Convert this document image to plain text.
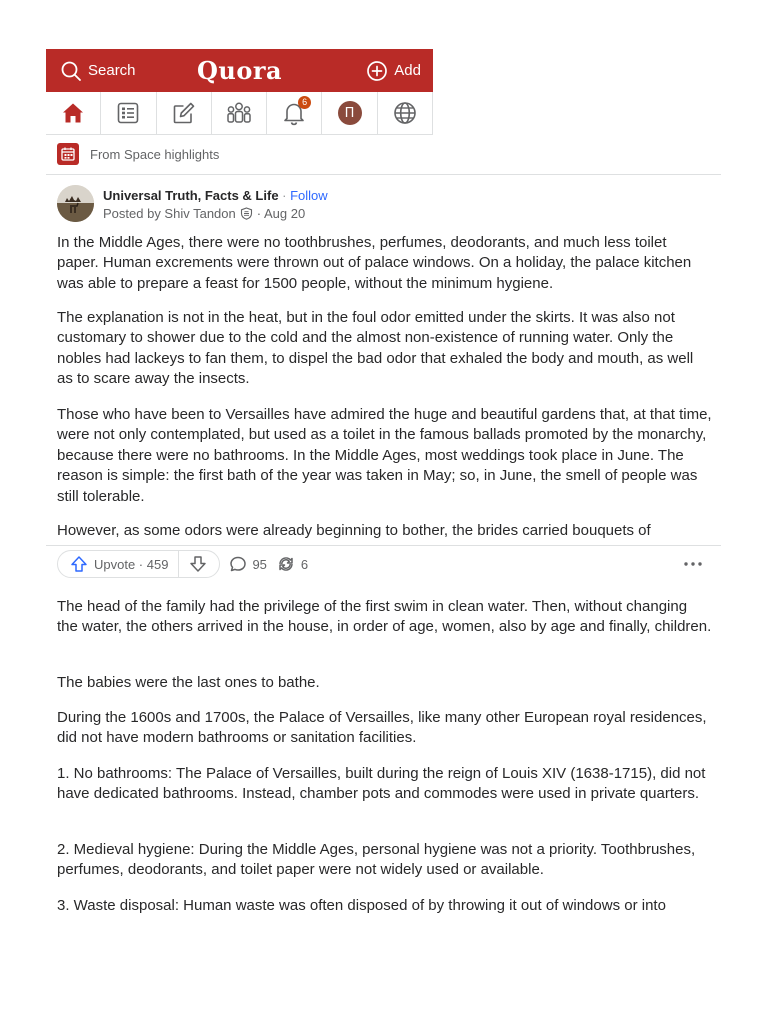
Search	Quora	Add
6
П
From Space highlights
Universal Truth, Facts & Life · Follow
Posted by Shiv Tandon · Aug 20

In the Middle Ages, there were no toothbrushes, perfumes, deodorants, and much less toilet paper. Human excrements were thrown out of palace windows. On a holiday, the palace kitchen was able to prepare a feast for 1500 people, without the minimum hygiene.

The explanation is not in the heat, but in the foul odor emitted under the skirts. It was also not customary to shower due to the cold and the almost non-existence of running water. Only the nobles had lackeys to fan them, to dispel the bad odor that exhaled the body and mouth, as well as to scare away the insects.

Those who have been to Versailles have admired the huge and beautiful gardens that, at that time, were not only contemplated, but used as a toilet in the famous ballads promoted by the monarchy, because there were no bathrooms. In the Middle Ages, most weddings took place in June. The reason is simple: the first bath of the year was taken in May; so, in June, the smell of people was still tolerable.

However, as some odors were already beginning to bother, the brides carried bouquets of

Upvote · 459	95	6

The head of the family had the privilege of the first swim in clean water. Then, without changing the water, the others arrived in the house, in order of age, women, also by age and finally, children.

The babies were the last ones to bathe.

During the 1600s and 1700s, the Palace of Versailles, like many other European royal residences, did not have modern bathrooms or sanitation facilities.

1. No bathrooms: The Palace of Versailles, built during the reign of Louis XIV (1638-1715), did not have dedicated bathrooms. Instead, chamber pots and commodes were used in private quarters.

2. Medieval hygiene: During the Middle Ages, personal hygiene was not a priority. Toothbrushes, perfumes, deodorants, and toilet paper were not widely used or available.

3. Waste disposal: Human waste was often disposed of by throwing it out of windows or into
